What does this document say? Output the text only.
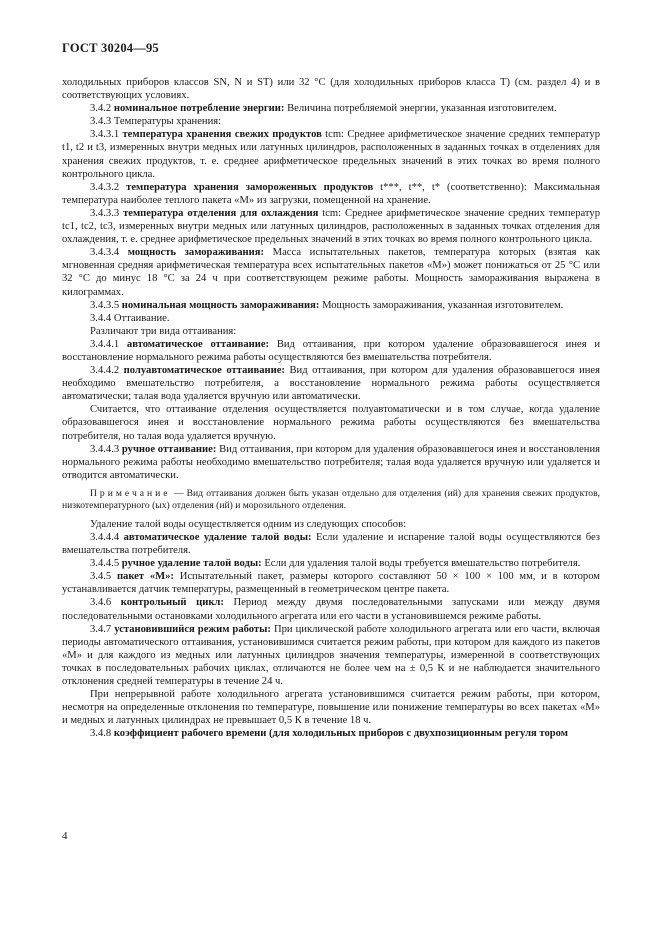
ГОСТ 30204—95

холодильных приборов классов SN, N и ST) или 32 °С (для холодильных приборов класса Т) (см. раздел 4) и в соответствующих условиях.

3.4.2 номинальное потребление энергии: Величина потребляемой энергии, указанная изготовителем.

3.4.3 Температуры хранения:

3.4.3.1 температура хранения свежих продуктов tcm: Среднее арифметическое значение средних температур t1, t2 и t3, измеренных внутри медных или латунных цилиндров, расположенных в заданных точках в отделениях для хранения свежих продуктов, т. е. среднее арифметическое предельных значений в этих точках во время полного контрольного цикла.

3.4.3.2 температура хранения замороженных продуктов t***, t**, t* (соответственно): Максимальная температура наиболее теплого пакета «М» из загрузки, помещенной на хранение.

3.4.3.3 температура отделения для охлаждения tcm: Среднее арифметическое значение средних температур tc1, tc2, tc3, измеренных внутри медных или латунных цилиндров, расположенных в заданных точках отделения для охлаждения, т. е. среднее арифметическое предельных значений в этих точках во время полного контрольного цикла.

3.4.3.4 мощность замораживания: Масса испытательных пакетов, температура которых (взятая как мгновенная средняя арифметическая температура всех испытательных пакетов «М») может понижаться от 25 °С или 32 °С до минус 18 °С за 24 ч при соответствующем режиме работы. Мощность замораживания выражена в килограммах.

3.4.3.5 номинальная мощность замораживания: Мощность замораживания, указанная изготовителем.

3.4.4 Оттаивание.

Различают три вида оттаивания:

3.4.4.1 автоматическое оттаивание: Вид оттаивания, при котором удаление образовавшегося инея и восстановление нормального режима работы осуществляются без вмешательства потребителя.

3.4.4.2 полуавтоматическое оттаивание: Вид оттаивания, при котором для удаления образовавшегося инея необходимо вмешательство потребителя, а восстановление нормального режима работы осуществляется автоматически; талая вода удаляется вручную или автоматически.

Считается, что оттаивание отделения осуществляется полуавтоматически и в том случае, когда удаление образовавшегося инея и восстановление нормального режима работы осуществляются без вмешательства потребителя, но талая вода удаляется вручную.

3.4.4.3 ручное оттаивание: Вид оттаивания, при котором для удаления образовавшегося инея и восстановления нормального режима работы необходимо вмешательство потребителя; талая вода удаляется вручную или удаляется и отводится автоматически.

Примечание — Вид оттаивания должен быть указан отдельно для отделения (ий) для хранения свежих продуктов, низкотемпературного (ых) отделения (ий) и морозильного отделения.

Удаление талой воды осуществляется одним из следующих способов:

3.4.4.4 автоматическое удаление талой воды: Если удаление и испарение талой воды осуществляются без вмешательства потребителя.

3.4.4.5 ручное удаление талой воды: Если для удаления талой воды требуется вмешательство потребителя.

3.4.5 пакет «М»: Испытательный пакет, размеры которого составляют 50 × 100 × 100 мм, и в котором устанавливается датчик температуры, размещенный в геометрическом центре пакета.

3.4.6 контрольный цикл: Период между двумя последовательными запусками или между двумя последовательными остановками холодильного агрегата или его части в установившемся режиме работы.

3.4.7 установившийся режим работы: При циклической работе холодильного агрегата или его части, включая периоды автоматического оттаивания, установившимся считается режим работы, при котором для каждого из пакетов «М» и для каждого из медных или латунных цилиндров значения температуры, измеренной в соответствующих точках в последовательных рабочих циклах, отличаются не более чем на ± 0,5 К и не наблюдается значительного отклонения средней температуры в течение 24 ч.

При непрерывной работе холодильного агрегата установившимся считается режим работы, при котором, несмотря на определенные отклонения по температуре, повышение или понижение температуры во всех пакетах «М» и медных и латунных цилиндрах не превышает 0,5 К в течение 18 ч.

3.4.8 коэффициент рабочего времени (для холодильных приборов с двухпозиционным регуля тором

4
